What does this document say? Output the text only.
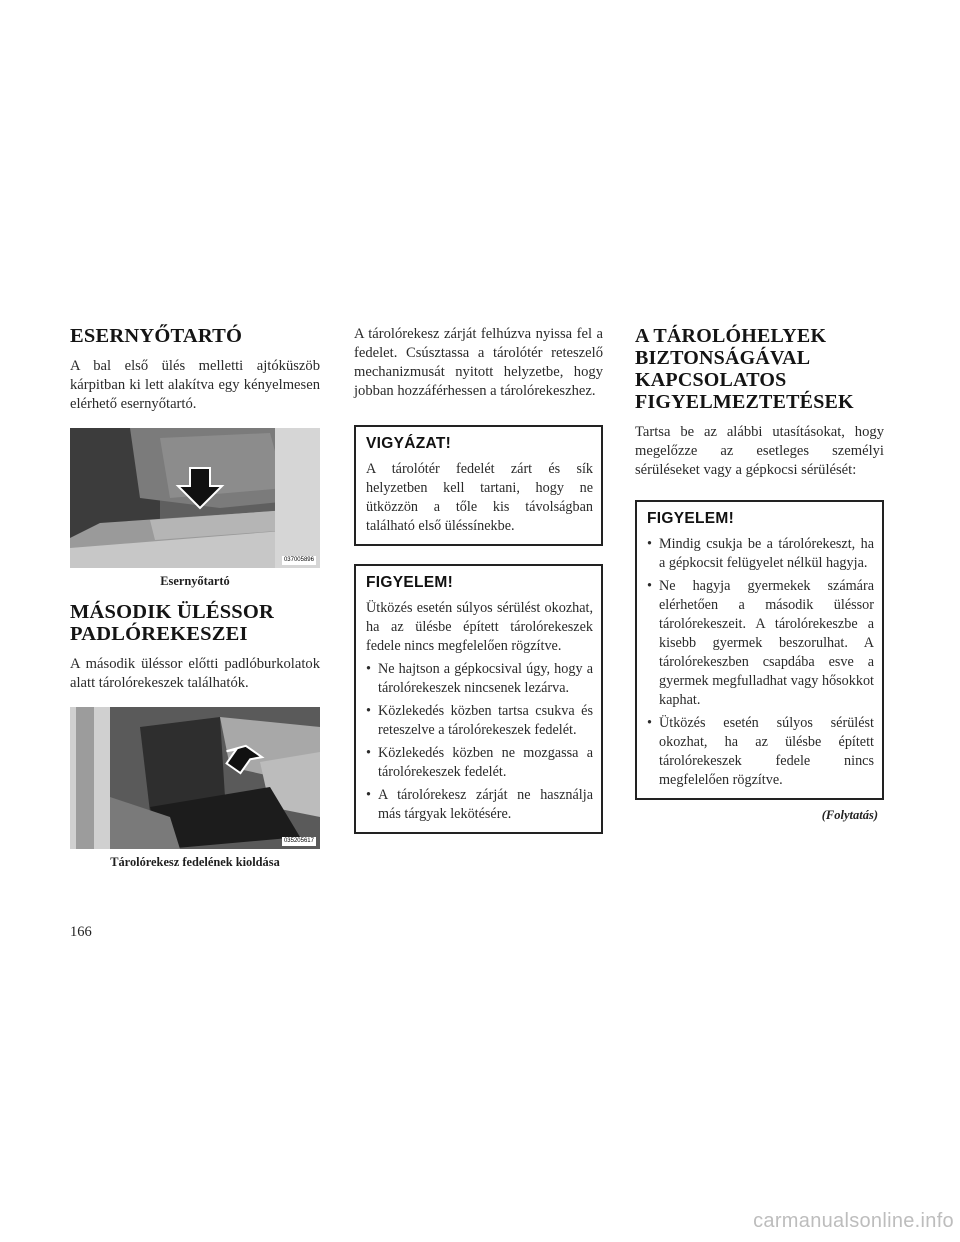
ESERNYŐTARTÓ

A bal első ülés melletti ajtóküszöb kárpitban ki lett alakítva egy kényelmesen elérhető esernyőtartó.

037005896
Esernyőtartó
MÁSODIK ÜLÉSSOR PADLÓREKESZEI

A második üléssor előtti padlóburkolatok alatt tárolórekeszek találhatók.

035205617
Tárolórekesz fedelének kioldása

A tárolórekesz zárját felhúzva nyissa fel a fedelet. Csúsztassa a tárolótér reteszelő mechanizmusát nyitott helyzetbe, hogy jobban hozzáférhessen a tárolórekeszhez.

VIGYÁZAT!

A tárolótér fedelét zárt és sík helyzetben kell tartani, hogy ne ütközzön a tőle kis távolságban található első üléssínekbe.

FIGYELEM!

Ütközés esetén súlyos sérülést okozhat, ha az ülésbe épített tárolórekeszek fedele nincs megfelelően rögzítve.

• Ne hajtson a gépkocsival úgy, hogy a tárolórekeszek nincsenek lezárva.
• Közlekedés közben tartsa csukva és reteszelve a tárolórekeszek fedelét.
• Közlekedés közben ne mozgassa a tárolórekeszek fedelét.
• A tárolórekesz zárját ne használja más tárgyak lekötésére.
A TÁROLÓHELYEK BIZTONSÁGÁVAL KAPCSOLATOS FIGYELMEZTETÉSEK

Tartsa be az alábbi utasításokat, hogy megelőzze az esetleges személyi sérüléseket vagy a gépkocsi sérülését:

FIGYELEM!
• Mindig csukja be a tárolórekeszt, ha a gépkocsit felügyelet nélkül hagyja.
• Ne hagyja gyermekek számára elérhetően a második üléssor tárolórekeszeit. A tárolórekeszbe a kisebb gyermek beszorulhat. A tárolórekeszben csapdába esve a gyermek megfulladhat vagy hősokkot kaphat.
• Ütközés esetén súlyos sérülést okozhat, ha az ülésbe épített tárolórekeszek fedele nincs megfelelően rögzítve.
(Folytatás)
166
carmanualsonline.info
